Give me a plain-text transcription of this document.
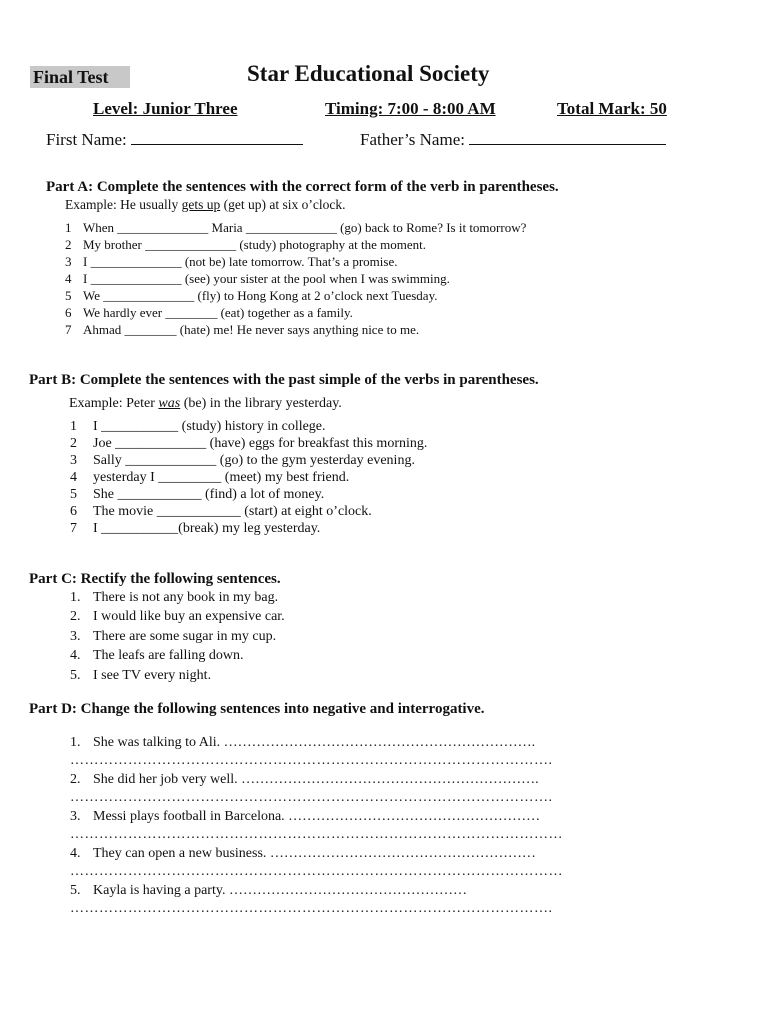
Final Test	Star Educational Society
Level: Junior Three	Timing: 7:00 - 8:00 AM	Total Mark: 50
First Name:	Father’s Name:
Part A: Complete the sentences with the correct form of the verb in parentheses.
Example: He usually gets up (get up) at six o’clock.
1 When ______________ Maria ______________ (go) back to Rome? Is it tomorrow?
2 My brother ______________ (study) photography at the moment.
3 I ______________ (not be) late tomorrow. That’s a promise.
4 I ______________ (see) your sister at the pool when I was swimming.
5 We ______________ (fly) to Hong Kong at 2 o’clock next Tuesday.
6 We hardly ever ________ (eat) together as a family.
7 Ahmad ________ (hate) me! He never says anything nice to me.
Part B: Complete the sentences with the past simple of the verbs in parentheses.
Example: Peter was (be) in the library yesterday.
1 I ___________ (study) history in college.
2 Joe _____________ (have) eggs for breakfast this morning.
3 Sally _____________ (go) to the gym yesterday evening.
4 yesterday I _________ (meet) my best friend.
5 She ____________ (find) a lot of money.
6 The movie ____________ (start) at eight o’clock.
7 I ___________(break) my leg yesterday.
Part C: Rectify the following sentences.
1. There is not any book in my bag.
2. I would like buy an expensive car.
3. There are some sugar in my cup.
4. The leafs are falling down.
5. I see TV every night.
Part D: Change the following sentences into negative and interrogative.
1. She was talking to Ali. ………………………………………………………….
……………………………………………………………………………………….
2. She did her job very well. ……………………………………………………….
……………………………………………………………………………………….
3. Messi plays football in Barcelona. ………………………………………………
…………………………………………………………………………………………
4. They can open a new business. …………………………………………………
…………………………………………………………………………………………
5. Kayla is having a party. ……………………………………………
……………………………………………………………………………………….
